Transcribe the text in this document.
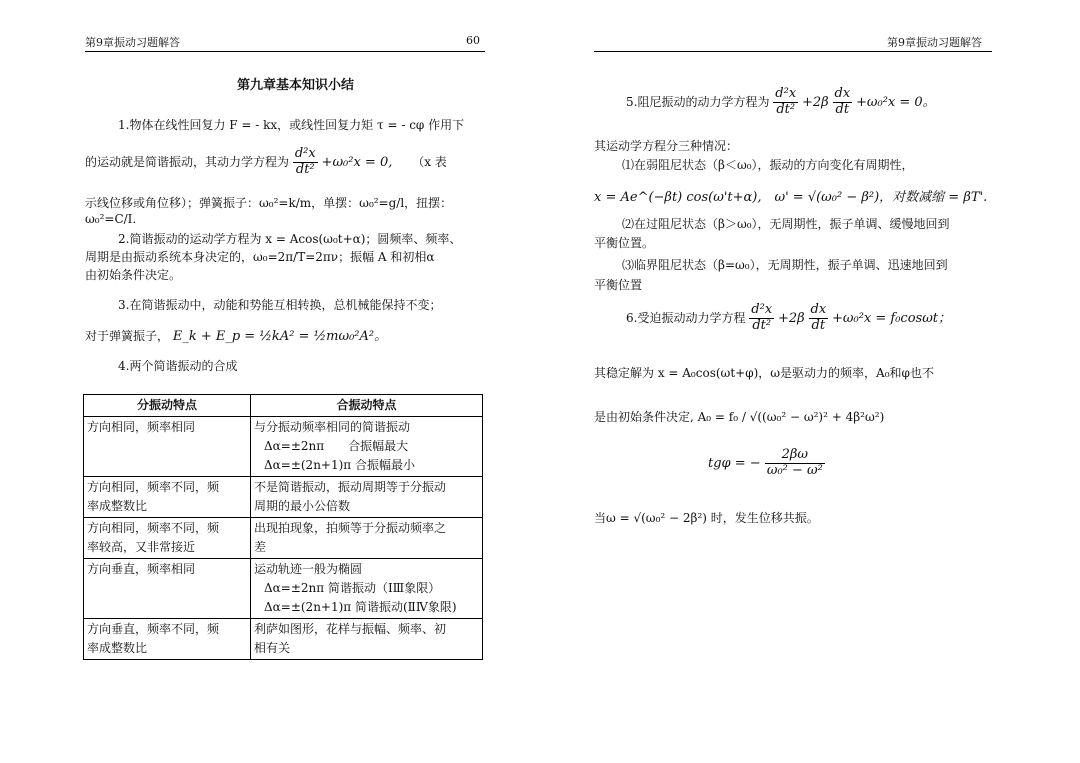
第9章振动习题解答	60	第9章振动习题解答
第九章基本知识小结
1.物体在线性回复力 F = - kx，或线性回复力矩 τ = - cφ 作用下
的运动就是简谐振动，其动力学方程为 $\frac{\text{d²x}}{\text{dt²}} +\omega_0^2x = 0$, （x 表
示线位移或角位移）；弹簧振子：ω₀²=k/m，单摆：ω₀²=g/l，扭摆：
ω₀²=C/I.
2.简谐振动的运动学方程为 x = Acos(ω₀t+α)；圆频率、频率、
周期是由振动系统本身决定的，ω₀=2π/T=2πν；振幅 A 和初相α
由初始条件决定。
3.在简谐振动中，动能和势能互相转换，总机械能保持不变；
对于弹簧振子， E_k + E_p = ½kA² = ½mω₀²A²。
4.两个简谐振动的合成
分振动特点	合振动特点

方向相同，频率相同	与分振动频率相同的简谐振动
Δα=±2nπ　　合振幅最大
Δα=±(2n+1)π 合振幅最小

方向相同，频率不同，频
率成整数比	不是简谐振动，振动周期等于分振动
周期的最小公倍数

方向相同，频率不同，频
率较高，又非常接近	出现拍现象，拍频等于分振动频率之
差

方向垂直，频率相同	运动轨迹一般为椭圆
Δα=±2nπ 简谐振动（ⅠⅢ象限）
Δα=±(2n+1)π 简谐振动(ⅡⅣ象限)

方向垂直，频率不同，频
率成整数比	利萨如图形，花样与振幅、频率、初
相有关
5.阻尼振动的动力学方程为 $\frac{\text{d²x}}{\text{dt²}} +2\beta \frac{dx}{dt} +\omega_0^2x = 0$。
其运动学方程分三种情况：
⑴在弱阻尼状态（β＜ω₀），振动的方向变化有周期性，
x = Ae^(−βt) cos(ω't+α),　ω' = √(ω₀² − β²)，对数减缩 = βT'.
⑵在过阻尼状态（β＞ω₀），无周期性，振子单调、缓慢地回到
平衡位置。
⑶临界阻尼状态（β=ω₀），无周期性，振子单调、迅速地回到
平衡位置
6.受迫振动动力学方程 $\frac{\text{d²x}}{\text{dt²}} +2\beta \frac{dx}{dt} +\omega_0^2x = f_0\cos\omega t$；
其稳定解为 x = A₀cos(ωt+φ)，ω是驱动力的频率，A₀和φ也不
是由初始条件决定, A₀ = f₀ / √((ω₀² − ω²)² + 4β²ω²)
tgφ = − $\frac{2\beta\omega}{\text{ω₀² − ω²}}$
当ω = √(ω₀² − 2β²) 时，发生位移共振。
